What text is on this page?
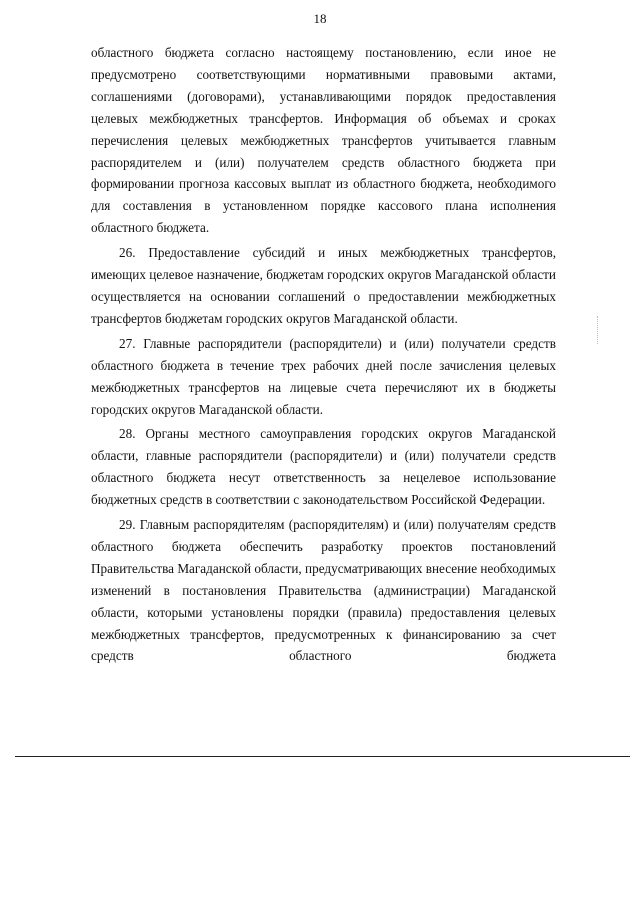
18

областного бюджета согласно настоящему постановлению, если иное не предусмотрено соответствующими нормативными правовыми актами, соглашениями (договорами), устанавливающими порядок предоставления целевых межбюджетных трансфертов. Информация об объемах и сроках перечисления целевых межбюджетных трансфертов учитывается главным распорядителем и (или) получателем средств областного бюджета при формировании прогноза кассовых выплат из областного бюджета, необходимого для составления в установленном порядке кассового плана исполнения областного бюджета.

26. Предоставление субсидий и иных межбюджетных трансфертов, имеющих целевое назначение, бюджетам городских округов Магаданской области осуществляется на основании соглашений о предоставлении межбюджетных трансфертов бюджетам городских округов Магаданской области.

27. Главные распорядители (распорядители) и (или) получатели средств областного бюджета в течение трех рабочих дней после зачисления целевых межбюджетных трансфертов на лицевые счета перечисляют их в бюджеты городских округов Магаданской области.

28. Органы местного самоуправления городских округов Магаданской области, главные распорядители (распорядители) и (или) получатели средств областного бюджета несут ответственность за нецелевое использование бюджетных средств в соответствии с законодательством Российской Федерации.

29. Главным распорядителям (распорядителям) и (или) получателям средств областного бюджета обеспечить разработку проектов постановлений Правительства Магаданской области, предусматривающих внесение необходимых изменений в постановления Правительства (администрации) Магаданской области, которыми установлены порядки (правила) предоставления целевых межбюджетных трансфертов, предусмотренных к финансированию за счет средств областного бюджета
